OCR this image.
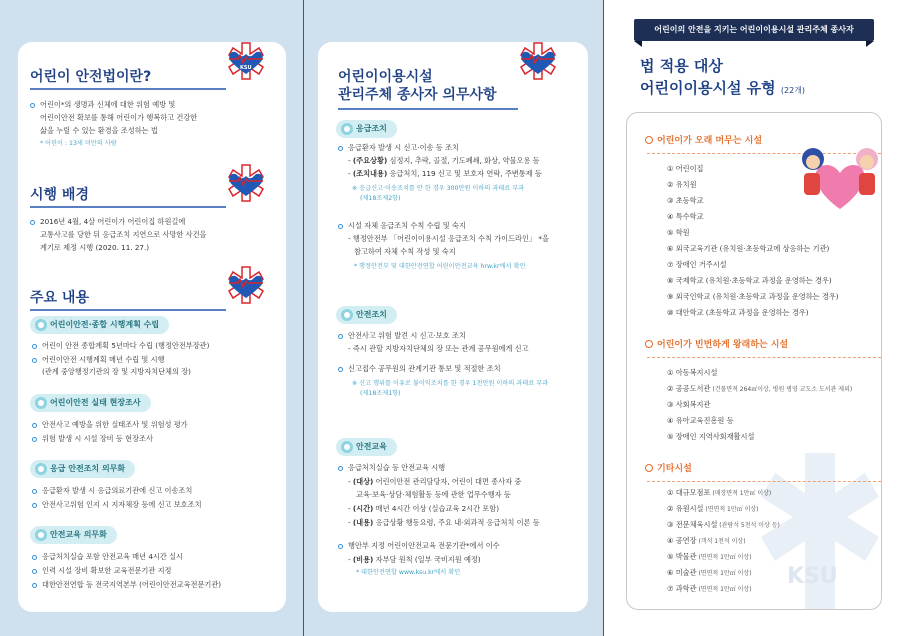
KSU
어린이 안전법이란?
어린이*의 생명과 신체에 대한 위험 예방 및
어린이안전 확보를 통해 어린이가 행복하고 건강한
삶을 누릴 수 있는 환경을 조성하는 법
* 어린이 : 13세 미만의 사람
시행 배경
2016년 4월, 4살 어린이가 어린이집 하원길에
교통사고를 당한 뒤 응급조치 지연으로 사망한 사건을
계기로 제정 시행 (2020. 11. 27.)
주요 내용
어린이안전·종합 시행계획 수립
어린이 안전 종합계획 5년마다 수립 (행정안전부장관)
어린이안전 시행계획 매년 수립 및 시행
(관계 중앙행정기관의 장 및 지방자치단체의 장)
어린이안전 실태 현장조사
안전사고 예방을 위한 실태조사 및 위험성 평가
위험 발생 시 시설 장비 등 현장조사
응급 안전조치 의무화
응급환자 발생 시 응급의료기관에 신고 이송조치
안전사고위험 인지 시 지자체장 등에 신고 보호조치
안전교육 의무화
응급처치실습 포함 안전교육 매년 4시간 실시
인력 시설 장비 확보한 교육전문기관 지정
대한안전연합 등 전국지역본부 (어린이안전교육전문기관)
어린이이용시설
관리주체 종사자 의무사항
응급조치
응급환자 발생 시 신고·이송 등 조치
- (주요상황) 심정지, 추락, 골절, 기도폐쇄, 화상, 약물오용 등
- (조치내용) 응급처치, 119 신고 및 보호자 연락, 주변통제 등
※ 응급신고·이송조치를 안 한 경우 300만원 이하의 과태료 부과
(제18조제2항)
시설 자체 응급조치 수칙 수립 및 숙지
- 행정안전부 「어린이이용시설 응급조치 수칙 가이드라인」 *을
참고하여 자체 수칙 작성 및 숙지
* 행정안전부 및 대한안전연합 어린이안전교육 hrw.kr에서 확인
안전조치
안전사고 위험 발견 시 신고·보호 조치
- 즉시 관할 지방자치단체의 장 또는 관계 공무원에게 신고
신고접수 공무원의 관계기관 통보 및 적절한 조치
※ 신고 행위를 이유로 불이익조치를 한 경우 1천만원 이하의 과태료 부과
(제18조제1항)
안전교육
응급처치실습 등 안전교육 시행
- (대상) 어린이안전 관리담당자, 어린이 대면 종사자 중
교육·보육·상담·체험활동 등에 관한 업무수행자 등
- (시간) 매년 4시간 이상 (실습교육 2시간 포함)
- (내용) 응급상황 행동요령, 주요 내·외과적 응급처치 이론 등
행안부 지정 어린이안전교육 전문기관*에서 이수
- (비용) 자부담 원칙 (일부 국비지원 예정)
* 대한안전연합 www.ksu.kr에서 확인
어린이의 안전을 지키는 어린이이용시설 관리주체 종사자
법 적용 대상
어린이이용시설 유형 (22개)
KSU
어린이가 오래 머무는 시설
① 어린이집
② 유치원
③ 초등학교
④ 특수학교
⑤ 학원
⑥ 외국교육기관 (유치원·초등학교에 상응하는 기관)
⑦ 장애인 거주시설
⑧ 국제학교 (유치원·초등학교 과정을 운영하는 경우)
⑨ 외국인학교 (유치원·초등학교 과정을 운영하는 경우)
⑩ 대안학교 (초등학교 과정을 운영하는 경우)
어린이가 빈번하게 왕래하는 시설
① 아동복지시설
② 공공도서관 (건물면적 264㎡이상, 병원 병영 교도소 도서관 제외)
③ 사회복지관
④ 유아교육진흥원 등
⑤ 장애인 지역사회재활시설
기타시설
① 대규모점포 (매장면적 1만㎡ 이상)
② 유원시설 (면면적 1만㎡ 이상)
③ 전문체육시설 (관람석 5천석 이상 등)
④ 공연장 (객석 1천석 이상)
⑤ 박물관 (면면적 1만㎡ 이상)
⑥ 미술관 (면면적 1만㎡ 이상)
⑦ 과학관 (면면적 1만㎡ 이상)
